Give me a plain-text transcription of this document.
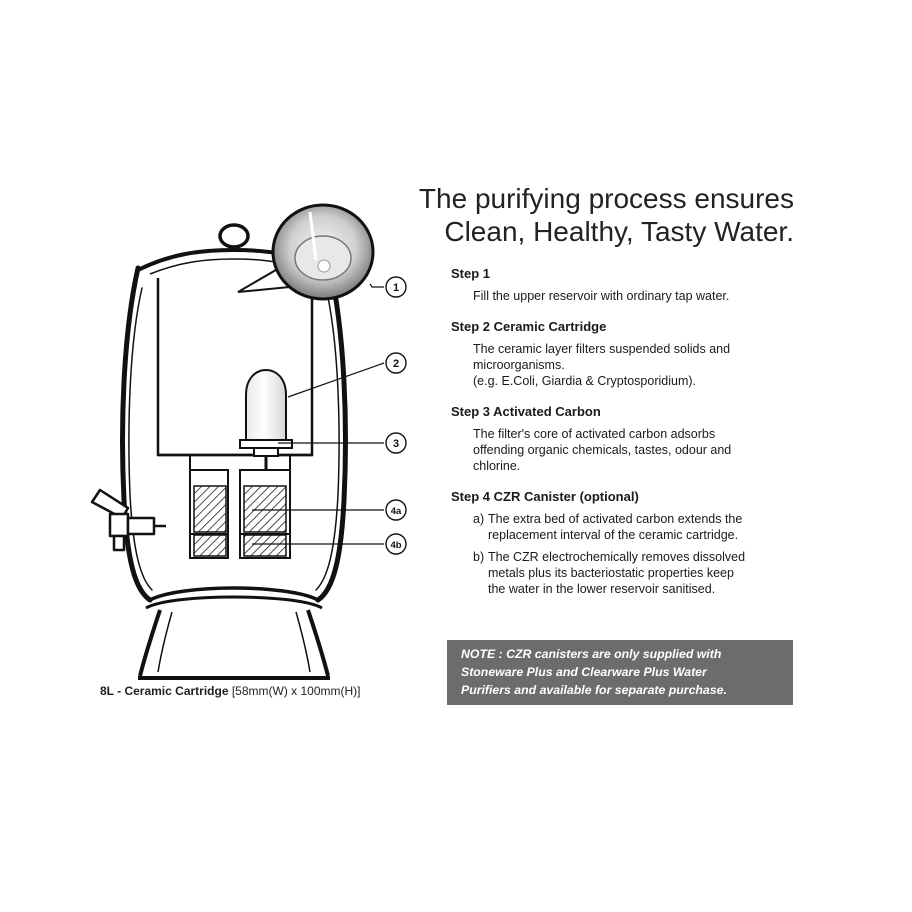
1
2
3
4a
4b
The purifying process ensures
Clean, Healthy, Tasty Water.
Step 1
Fill the upper reservoir with ordinary tap water.
Step 2 Ceramic Cartridge
The ceramic layer filters suspended solids and
microorganisms.
(e.g. E.Coli, Giardia & Cryptosporidium).
Step 3 Activated Carbon
The filter's core of activated carbon adsorbs
offending organic chemicals, tastes, odour and
chlorine.
Step 4 CZR Canister (optional)
a) The extra bed of activated carbon extends the
replacement interval of the ceramic cartridge.
b) The CZR electrochemically removes dissolved
metals plus its bacteriostatic properties keep
the water in the lower reservoir sanitised.
NOTE : CZR canisters are only supplied with
Stoneware Plus and Clearware Plus Water
Purifiers and available for separate purchase.
8L - Ceramic Cartridge [58mm(W) x 100mm(H)]
